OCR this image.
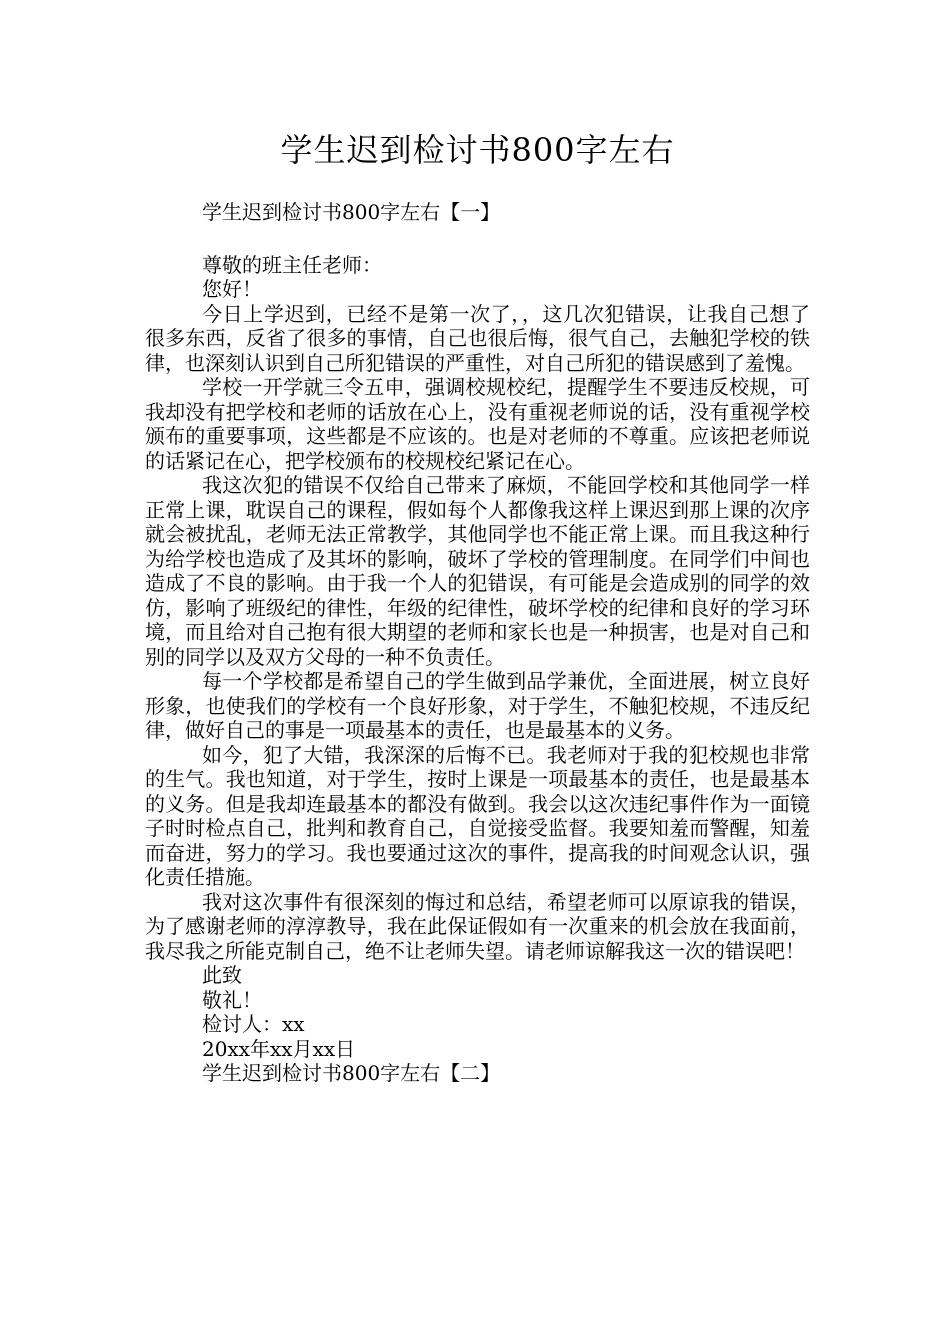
学生迟到检讨书800字左右

学生迟到检讨书800字左右【一】

尊敬的班主任老师：

您好！

今日上学迟到，已经不是第一次了，，这几次犯错误，让我自己想了很多东西，反省了很多的事情，自己也很后悔，很气自己，去触犯学校的铁律，也深刻认识到自己所犯错误的严重性，对自己所犯的错误感到了羞愧。

学校一开学就三令五申，强调校规校纪，提醒学生不要违反校规，可我却没有把学校和老师的话放在心上，没有重视老师说的话，没有重视学校颁布的重要事项，这些都是不应该的。也是对老师的不尊重。应该把老师说的话紧记在心，把学校颁布的校规校纪紧记在心。

我这次犯的错误不仅给自己带来了麻烦，不能回学校和其他同学一样正常上课，耽误自己的课程，假如每个人都像我这样上课迟到那上课的次序就会被扰乱，老师无法正常教学，其他同学也不能正常上课。而且我这种行为给学校也造成了及其坏的影响，破坏了学校的管理制度。在同学们中间也造成了不良的影响。由于我一个人的犯错误，有可能是会造成别的同学的效仿，影响了班级纪的律性，年级的纪律性，破坏学校的纪律和良好的学习环境，而且给对自己抱有很大期望的老师和家长也是一种损害，也是对自己和别的同学以及双方父母的一种不负责任。

每一个学校都是希望自己的学生做到品学兼优，全面进展，树立良好形象，也使我们的学校有一个良好形象，对于学生，不触犯校规，不违反纪律，做好自己的事是一项最基本的责任，也是最基本的义务。

如今，犯了大错，我深深的后悔不已。我老师对于我的犯校规也非常的生气。我也知道，对于学生，按时上课是一项最基本的责任，也是最基本的义务。但是我却连最基本的都没有做到。我会以这次违纪事件作为一面镜子时时检点自己，批判和教育自己，自觉接受监督。我要知羞而警醒，知羞而奋进，努力的学习。我也要通过这次的事件，提高我的时间观念认识，强化责任措施。

我对这次事件有很深刻的悔过和总结，希望老师可以原谅我的错误，为了感谢老师的淳淳教导，我在此保证假如有一次重来的机会放在我面前，我尽我之所能克制自己，绝不让老师失望。请老师谅解我这一次的错误吧！

此致

敬礼！

检讨人：xx

20xx年xx月xx日

学生迟到检讨书800字左右【二】
